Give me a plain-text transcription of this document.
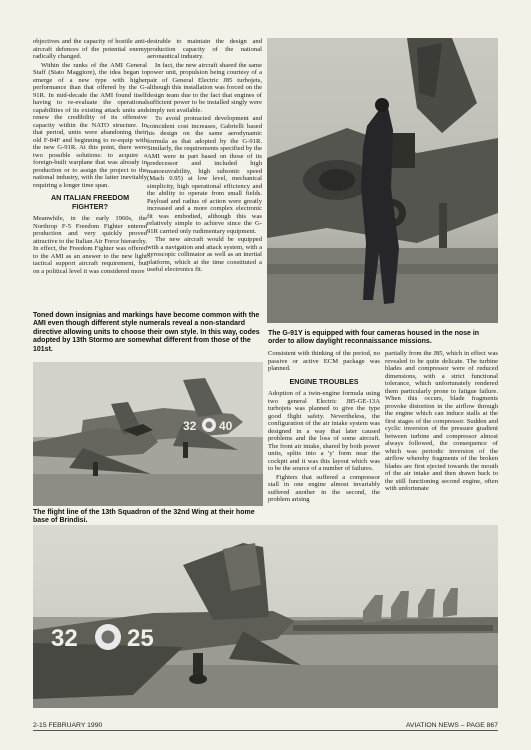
objectives and the capacity of hostile anti-aircraft defences of the potential enemy radically changed.

Within the ranks of the AMI General Staff (Stato Maggiore), the idea began to emerge of a new type with higher performance than that offered by the G-91R. In mid-decade the AMI found itself having to re-evaluate the operational capabilities of its existing attack units and renew the credibility of its offensive capacity within the NATO structure. In that period, units were abandoning their old F-84F and beginning to re-equip with the new G-91R. At this point, there were two possible solutions: to acquire a foreign-built warplane that was already in production or to assign the project to the national industry, with the latter inevitably requiring a longer time span.

AN ITALIAN FREEDOM FIGHTER?

Meanwhile, in the early 1960s, the Northrop F-5 Freedom Fighter entered production and very quickly proved attractive to the Italian Air Force hierarchy. In effect, the Freedom Fighter was offered to the AMI as an answer to the new light tactical support aircraft requirement, but on a political level it was considered more

desirable to maintain the design and production capacity of the national aeronautical industry.

In fact, the new aircraft shared the same power unit, propulsion being courtesy of a pair of General Electric J85 turbojets, although this installation was forced on the design team due to the fact that engines of sufficient power to be installed singly were simply not available.

To avoid protracted development and coincident cost increases, Gabrielli based his design on the same aerodynamic formula as that adopted by the G-91R. Similarly, the requirements specified by the AMI were in part based on those of its predecessor and included high manoeuvrability, high subsonic speed (Mach 0.95) at low level, mechanical simplicity, high operational efficiency and the ability to operate from small fields. Payload and radius of action were greatly increased and a more complex electronic fit was embodied, although this was relatively simple to achieve since the G-91R carried only rudimentary equipment.

The new aircraft would be equipped with a navigation and attack system, with a gyroscopic collimator as well as an inertial platform, which at the time constituted a useful electronics fit.

Toned down insignias and markings have become common with the AMI even though different style numerals reveal a non-standard directive allowing units to choose their own style. In this way, codes adopted by 13th Stormo are somewhat different from those of the 101st.
The G-91Y is equipped with four cameras housed in the nose in order to allow daylight reconnaissance missions.
32 40
The flight line of the 13th Squadron of the 32nd Wing at their home base of Brindisi.

Consistent with thinking of the period, no passive or active ECM package was planned.

ENGINE TROUBLES

Adoption of a twin-engine formula using two general Electric J85-GE-13A turbojets was planned to give the type good flight safety. Nevertheless, the configuration of the air intake system was designed in a way that later caused problems and the loss of some aircraft. The front air intake, shared by both power units, splits into a 'y' form near the cockpit and it was this layout which was to be the source of a number of failures.

Fighters that suffered a compressor stall in one engine almost invariably suffered another in the second, the problem arising

partially from the J85, which in effect was revealed to be quite delicate. The turbine blades and compressor were of reduced dimensions, with a strict functional tolerance, which unfortunately rendered them particularly prone to fatigue failure. When this occurs, blade fragments provoke distortion in the airflow through the engine which can induce stalls at the first stages of the compressor. Sudden and cyclic inversion of the pressure gradient between turbine and compressor almost always followed, the consequence of which was periodic inversion of the airflow whereby fragments of the broken blades are first ejected towards the mouth of the air intake and then drawn back to the still functioning second engine, often with unfortunate

32 25
2-15 FEBRUARY 1990	AVIATION NEWS – PAGE 867
